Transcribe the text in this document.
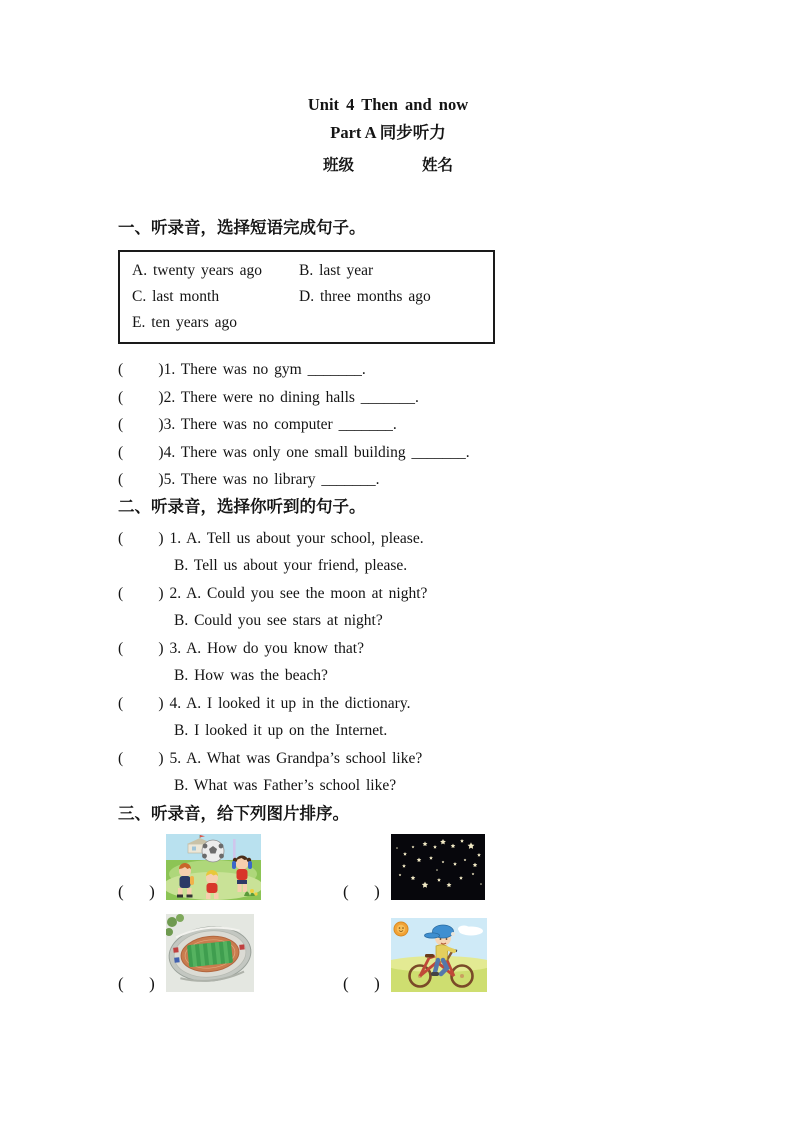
Unit 4 Then and now
Part A 同步听力
班级	姓名
一、听录音，选择短语完成句子。
A. twenty years ago	B. last year
C. last month	D. three months ago
E. ten years ago
(      )1. There was no gym _______.
(      )2. There were no dining halls _______.
(      )3. There was no computer _______.
(      )4. There was only one small building _______.
(      )5. There was no library _______.
二、听录音，选择你听到的句子。
(      ) 1. A. Tell us about your school, please.
B. Tell us about your friend, please.
(      ) 2. A. Could you see the moon at night?
B. Could you see stars at night?
(      ) 3. A. How do you know that?
B. How was the beach?
(      ) 4. A. I looked it up in the dictionary.
B. I looked it up on the Internet.
(      ) 5. A. What was Grandpa’s school like?
B. What was Father’s school like?
三、听录音，给下列图片排序。
(      )	(      )
(      )	(      )
